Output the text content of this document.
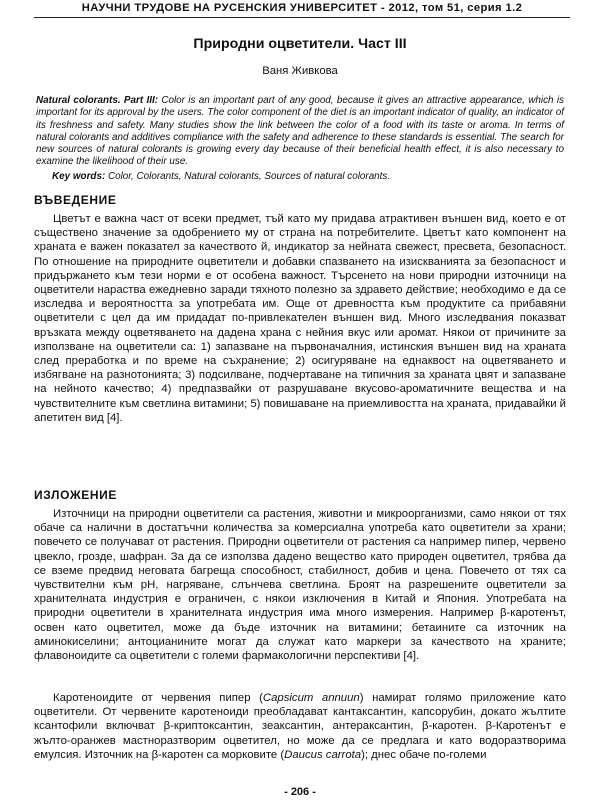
НАУЧНИ ТРУДОВЕ НА РУСЕНСКИЯ УНИВЕРСИТЕТ - 2012, том 51, серия 1.2
Природни оцветители. Част III
Ваня Живкова
Natural colorants. Part III: Color is an important part of any good, because it gives an attractive appearance, which is important for its approval by the users. The color component of the diet is an important indicator of quality, an indicator of its freshness and safety. Many studies show the link between the color of a food with its taste or aroma. In terms of natural colorants and additives compliance with the safety and adherence to these standards is essential. The search for new sources of natural colorants is growing every day because of their beneficial health effect, it is also necessary to examine the likelihood of their use.
Key words: Color, Colorants, Natural colorants, Sources of natural colorants.
ВЪВЕДЕНИЕ
Цветът е важна част от всеки предмет, тъй като му придава атрактивен външен вид, което е от съществено значение за одобрението му от страна на потребителите. Цветът като компонент на храната е важен показател за качеството й, индикатор за нейната свежест, пресвета, безопасност. По отношение на природните оцветители и добавки спазването на изискванията за безопасност и придържането към тези норми е от особена важност. Търсенето на нови природни източници на оцветители нараства ежедневно заради тяхното полезно за здравето действие; необходимо е да се изследва и вероятността за употребата им. Още от древността към продуктите са прибавяни оцветители с цел да им придадат по-привлекателен външен вид. Много изследвания показват връзката между оцветяването на дадена храна с нейния вкус или аромат. Някои от причините за използване на оцветители са: 1) запазване на първоначалния, истинския външен вид на храната след преработка и по време на съхранение; 2) осигуряване на еднаквост на оцветяването и избягване на разнотонията; 3) подсилване, подчертаване на типичния за храната цвят и запазване на нейното качество; 4) предпазвайки от разрушаване вкусово-ароматичните вещества и на чувствителните към светлина витамини; 5) повишаване на приемливостта на храната, придавайки й апетитен вид [4].
ИЗЛОЖЕНИЕ
Източници на природни оцветители са растения, животни и микроорганизми, само някои от тях обаче са налични в достатъчни количества за комерсиална употреба като оцветители за храни; повечето се получават от растения. Природни оцветители от растения са например пипер, червено цвекло, грозде, шафран. За да се използва дадено вещество като природен оцветител, трябва да се вземе предвид неговата багреща способност, стабилност, добив и цена. Повечето от тях са чувствителни към pH, нагряване, слънчева светлина. Броят на разрешените оцветители за хранителната индустрия е ограничен, с някои изключения в Китай и Япония. Употребата на природни оцветители в хранителната индустрия има много измерения. Например β-каротенът, освен като оцветител, може да бъде източник на витамини; бетаините са източник на аминокиселини; антоцианините могат да служат като маркери за качеството на храните; флавоноидите са оцветители с големи фармакологични перспективи [4].
Каротеноидите от червения пипер (Capsicum annuun) намират голямо приложение като оцветители. От червените каротеноиди преобладават кантаксантин, капсорубин, докато жълтите ксантофили включват β-криптоксантин, зеаксантин, антераксантин, β-каротен. β-Каротенът е жълто-оранжев мастноразтворим оцветител, но може да се предлага и като водоразтворима емулсия. Източник на β-каротен са морковите (Daucus carrota); днес обаче по-големи
- 206 -
